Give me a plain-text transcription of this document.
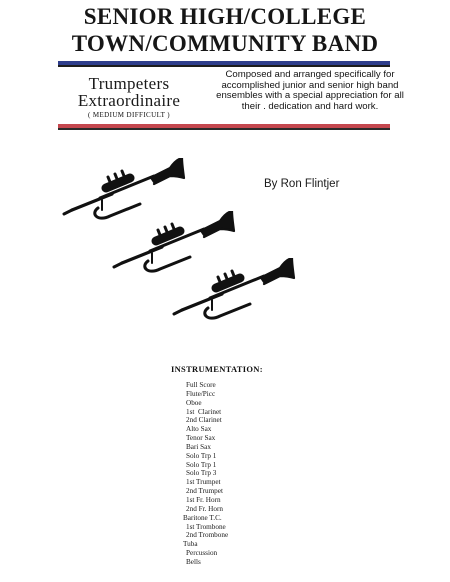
SENIOR HIGH/COLLEGE
TOWN/COMMUNITY BAND
Trumpeters
Extraordinaire
( MEDIUM DIFFICULT )
Composed and arranged specifically for accomplished junior and senior high band ensembles with a special appreciation for all their . dedication and hard work.
By Ron Flintjer
INSTRUMENTATION:
Full Score
Flute/Picc
Oboe
1st  Clarinet
2nd Clarinet
Alto Sax
Tenor Sax
Bari Sax
Solo Trp 1
Solo Trp 1
Solo Trp 3
1st Trumpet
2nd Trumpet
1st Fr. Horn
2nd Fr. Horn
Baritone T.C.
1st Trombone
2nd Trombone
Tuba
Percussion
Bells
